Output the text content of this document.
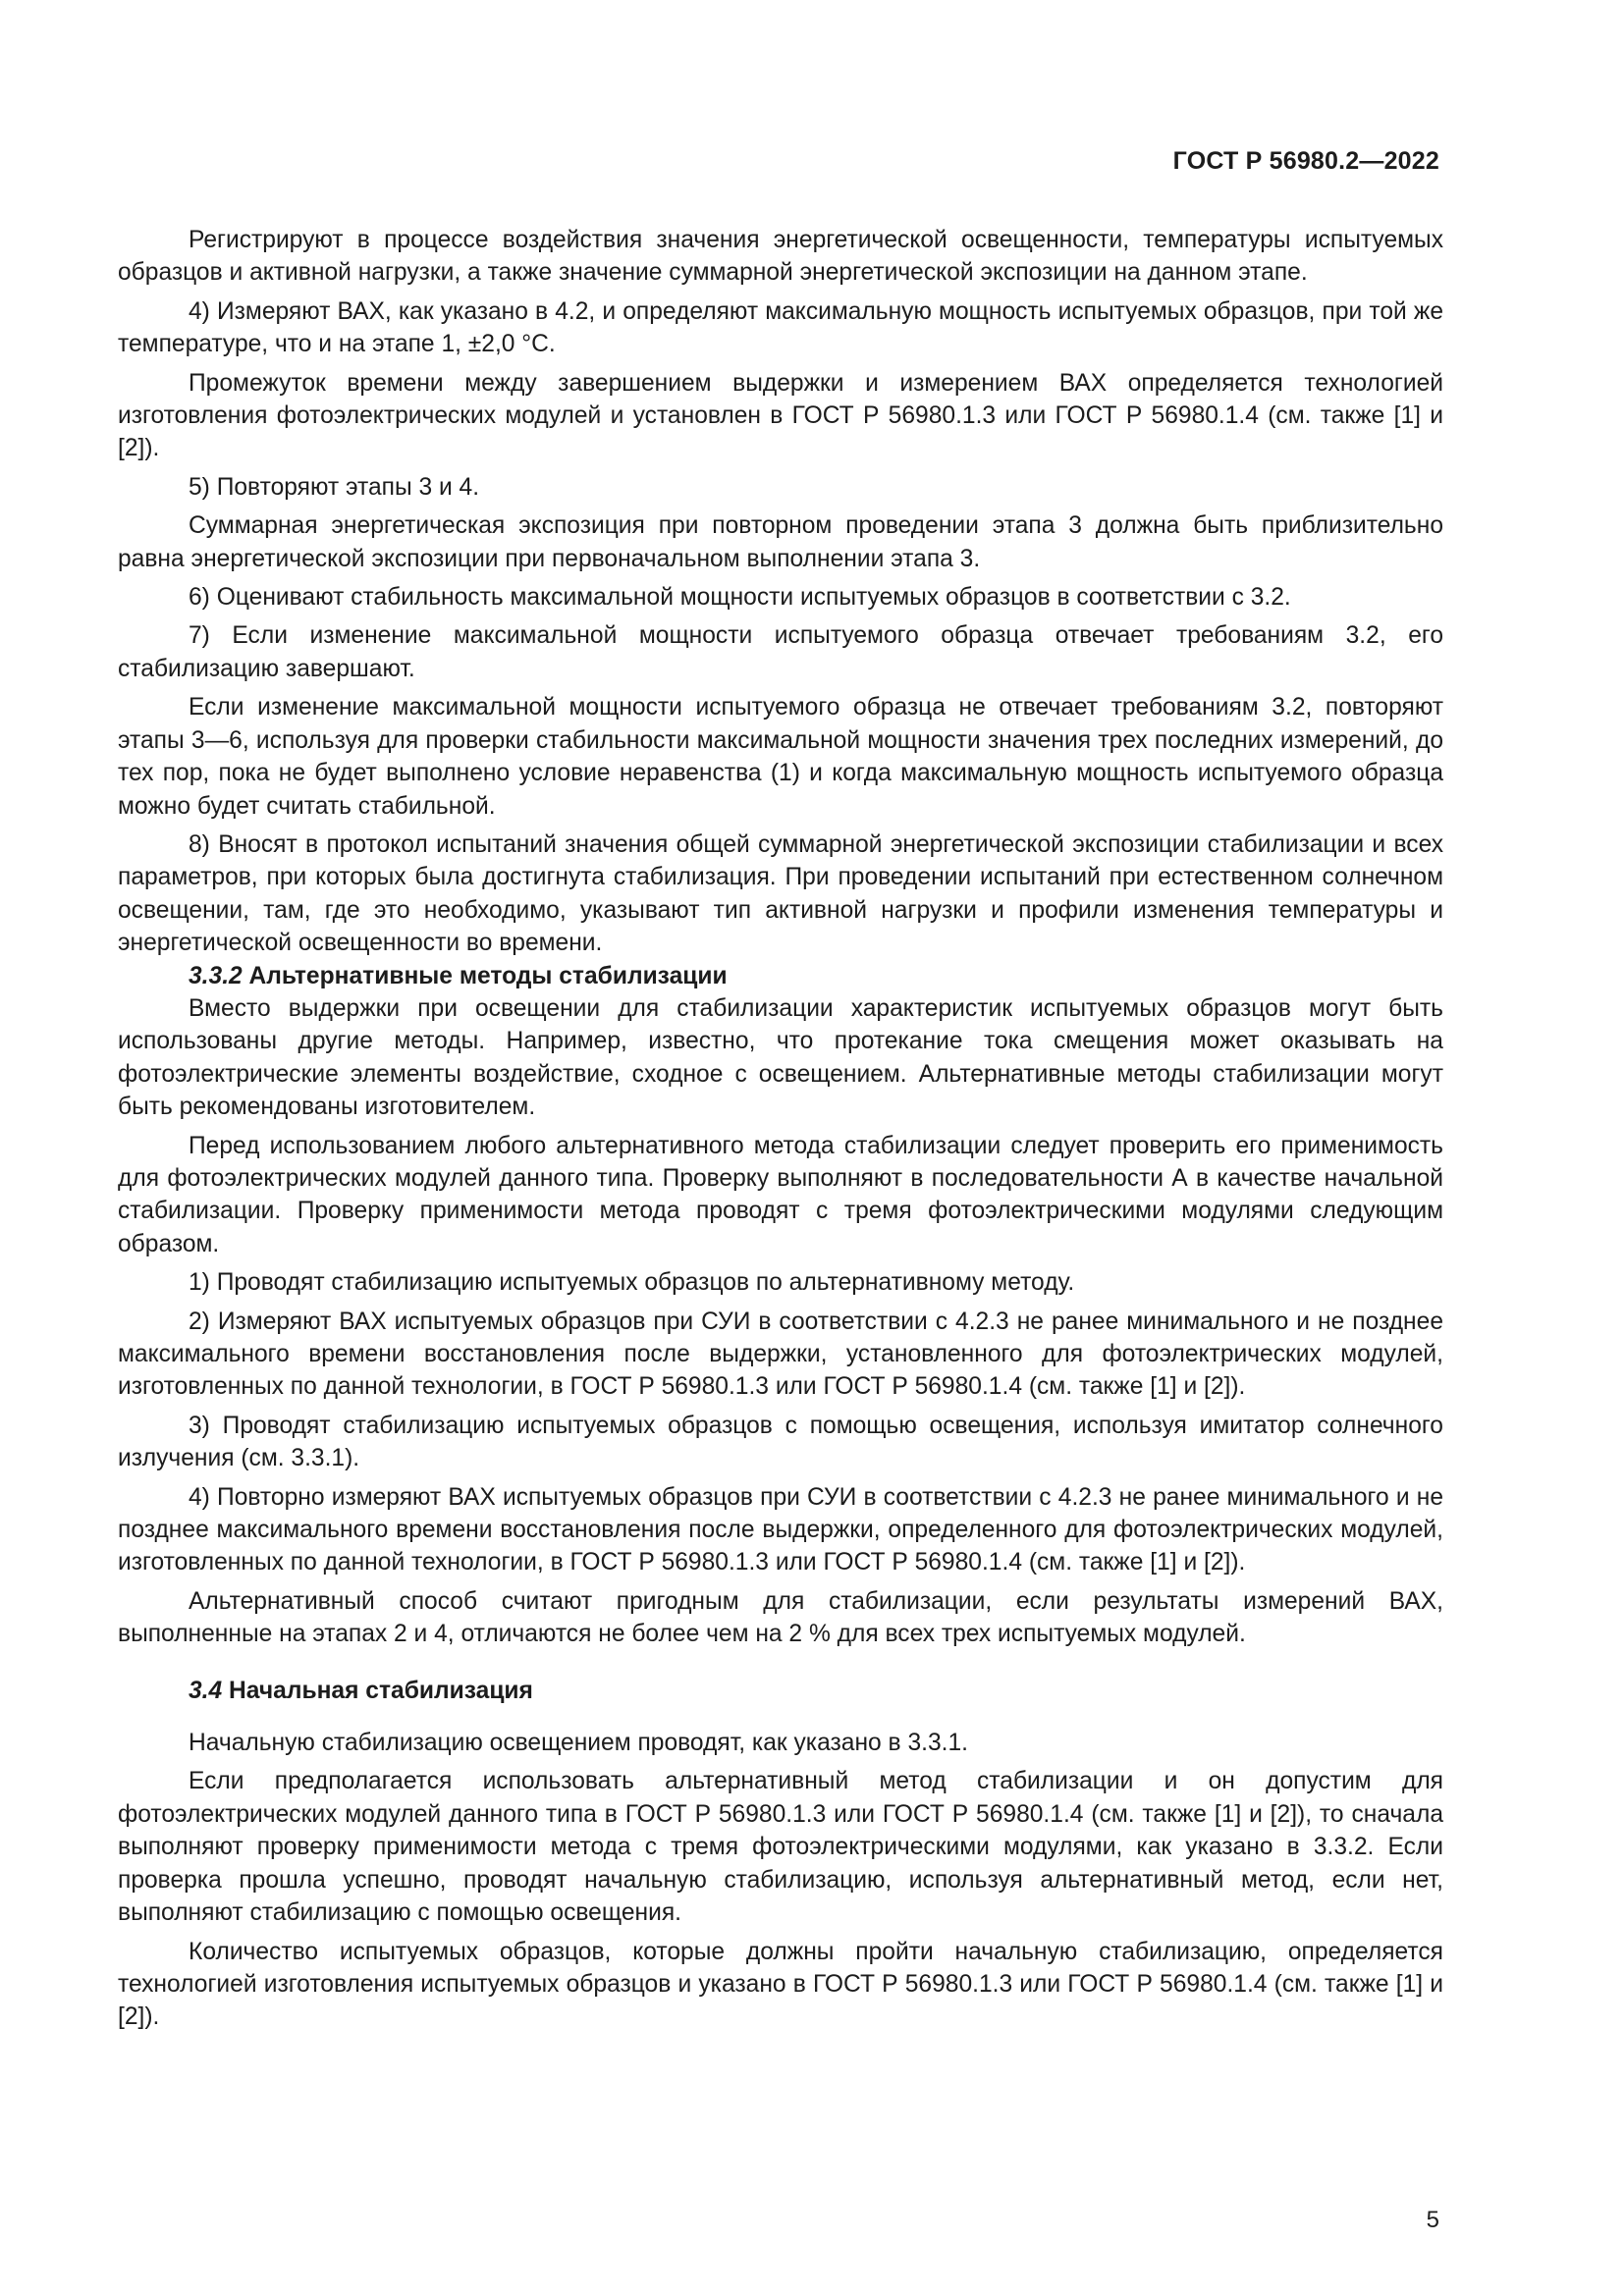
ГОСТ Р 56980.2—2022

Регистрируют в процессе воздействия значения энергетической освещенности, температуры испытуемых образцов и активной нагрузки, а также значение суммарной энергетической экспозиции на данном этапе.

4) Измеряют ВАХ, как указано в 4.2, и определяют максимальную мощность испытуемых образцов, при той же температуре, что и на этапе 1, ±2,0 °С.

Промежуток времени между завершением выдержки и измерением ВАХ определяется технологией изготовления фотоэлектрических модулей и установлен в ГОСТ Р 56980.1.3 или ГОСТ Р 56980.1.4 (см. также [1] и [2]).

5) Повторяют этапы 3 и 4.

Суммарная энергетическая экспозиция при повторном проведении этапа 3 должна быть приблизительно равна энергетической экспозиции при первоначальном выполнении этапа 3.

6) Оценивают стабильность максимальной мощности испытуемых образцов в соответствии с 3.2.

7) Если изменение максимальной мощности испытуемого образца отвечает требованиям 3.2, его стабилизацию завершают.

Если изменение максимальной мощности испытуемого образца не отвечает требованиям 3.2, повторяют этапы 3—6, используя для проверки стабильности максимальной мощности значения трех последних измерений, до тех пор, пока не будет выполнено условие неравенства (1) и когда максимальную мощность испытуемого образца можно будет считать стабильной.

8) Вносят в протокол испытаний значения общей суммарной энергетической экспозиции стабилизации и всех параметров, при которых была достигнута стабилизация. При проведении испытаний при естественном солнечном освещении, там, где это необходимо, указывают тип активной нагрузки и профили изменения температуры и энергетической освещенности во времени.

3.3.2 Альтернативные методы стабилизации

Вместо выдержки при освещении для стабилизации характеристик испытуемых образцов могут быть использованы другие методы. Например, известно, что протекание тока смещения может оказывать на фотоэлектрические элементы воздействие, сходное с освещением. Альтернативные методы стабилизации могут быть рекомендованы изготовителем.

Перед использованием любого альтернативного метода стабилизации следует проверить его применимость для фотоэлектрических модулей данного типа. Проверку выполняют в последовательности А в качестве начальной стабилизации. Проверку применимости метода проводят с тремя фотоэлектрическими модулями следующим образом.

1) Проводят стабилизацию испытуемых образцов по альтернативному методу.

2) Измеряют ВАХ испытуемых образцов при СУИ в соответствии с 4.2.3 не ранее минимального и не позднее максимального времени восстановления после выдержки, установленного для фотоэлектрических модулей, изготовленных по данной технологии, в ГОСТ Р 56980.1.3 или ГОСТ Р 56980.1.4 (см. также [1] и [2]).

3) Проводят стабилизацию испытуемых образцов с помощью освещения, используя имитатор солнечного излучения (см. 3.3.1).

4) Повторно измеряют ВАХ испытуемых образцов при СУИ в соответствии с 4.2.3 не ранее минимального и не позднее максимального времени восстановления после выдержки, определенного для фотоэлектрических модулей, изготовленных по данной технологии, в ГОСТ Р 56980.1.3 или ГОСТ Р 56980.1.4 (см. также [1] и [2]).

Альтернативный способ считают пригодным для стабилизации, если результаты измерений ВАХ, выполненные на этапах 2 и 4, отличаются не более чем на 2 % для всех трех испытуемых модулей.

3.4 Начальная стабилизация

Начальную стабилизацию освещением проводят, как указано в 3.3.1.

Если предполагается использовать альтернативный метод стабилизации и он допустим для фотоэлектрических модулей данного типа в ГОСТ Р 56980.1.3 или ГОСТ Р 56980.1.4 (см. также [1] и [2]), то сначала выполняют проверку применимости метода с тремя фотоэлектрическими модулями, как указано в 3.3.2. Если проверка прошла успешно, проводят начальную стабилизацию, используя альтернативный метод, если нет, выполняют стабилизацию с помощью освещения.

Количество испытуемых образцов, которые должны пройти начальную стабилизацию, определяется технологией изготовления испытуемых образцов и указано в ГОСТ Р 56980.1.3 или ГОСТ Р 56980.1.4 (см. также [1] и [2]).

5
